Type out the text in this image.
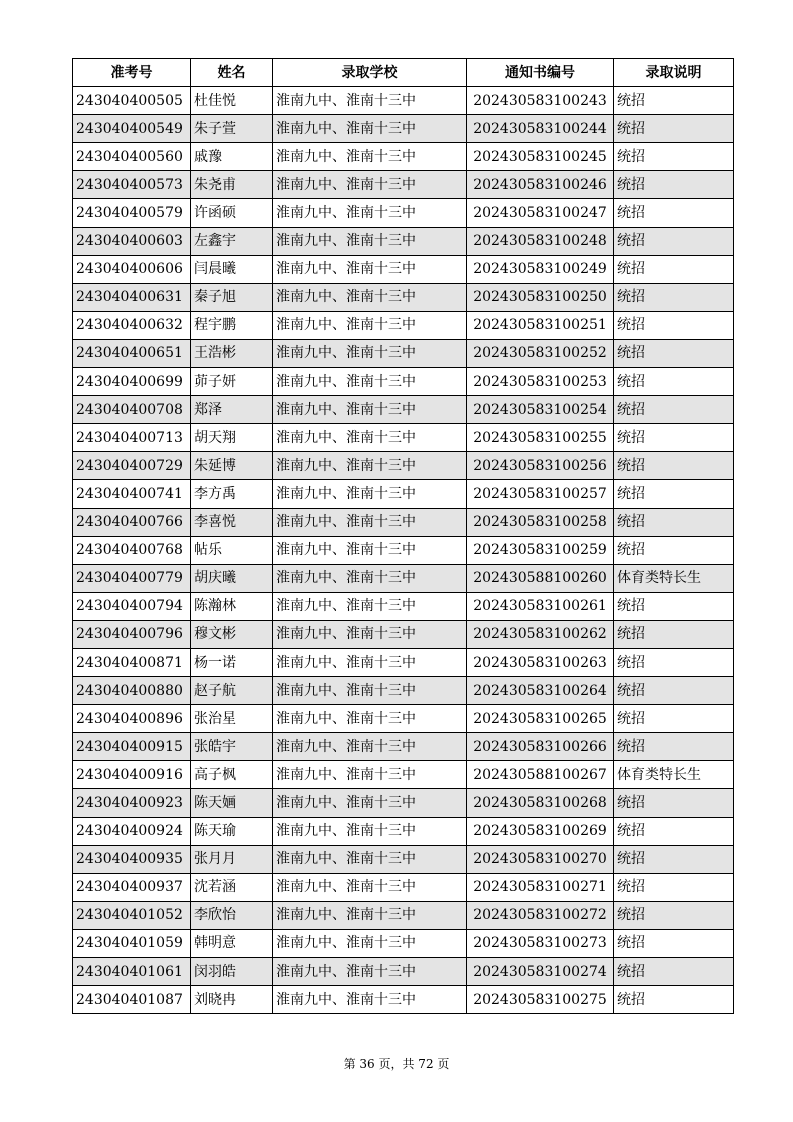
准考号	姓名	录取学校	通知书编号	录取说明
243040400505	杜佳悦	淮南九中、淮南十三中	202430583100243	统招
243040400549	朱子萱	淮南九中、淮南十三中	202430583100244	统招
243040400560	戚豫	淮南九中、淮南十三中	202430583100245	统招
243040400573	朱尧甫	淮南九中、淮南十三中	202430583100246	统招
243040400579	许函硕	淮南九中、淮南十三中	202430583100247	统招
243040400603	左鑫宇	淮南九中、淮南十三中	202430583100248	统招
243040400606	闫晨曦	淮南九中、淮南十三中	202430583100249	统招
243040400631	秦子旭	淮南九中、淮南十三中	202430583100250	统招
243040400632	程宇鹏	淮南九中、淮南十三中	202430583100251	统招
243040400651	王浩彬	淮南九中、淮南十三中	202430583100252	统招
243040400699	茆子妍	淮南九中、淮南十三中	202430583100253	统招
243040400708	郑泽	淮南九中、淮南十三中	202430583100254	统招
243040400713	胡天翔	淮南九中、淮南十三中	202430583100255	统招
243040400729	朱延博	淮南九中、淮南十三中	202430583100256	统招
243040400741	李方禹	淮南九中、淮南十三中	202430583100257	统招
243040400766	李喜悦	淮南九中、淮南十三中	202430583100258	统招
243040400768	帖乐	淮南九中、淮南十三中	202430583100259	统招
243040400779	胡庆曦	淮南九中、淮南十三中	202430588100260	体育类特长生
243040400794	陈瀚林	淮南九中、淮南十三中	202430583100261	统招
243040400796	穆文彬	淮南九中、淮南十三中	202430583100262	统招
243040400871	杨一诺	淮南九中、淮南十三中	202430583100263	统招
243040400880	赵子航	淮南九中、淮南十三中	202430583100264	统招
243040400896	张治星	淮南九中、淮南十三中	202430583100265	统招
243040400915	张皓宇	淮南九中、淮南十三中	202430583100266	统招
243040400916	高子枫	淮南九中、淮南十三中	202430588100267	体育类特长生
243040400923	陈天婳	淮南九中、淮南十三中	202430583100268	统招
243040400924	陈天瑜	淮南九中、淮南十三中	202430583100269	统招
243040400935	张月月	淮南九中、淮南十三中	202430583100270	统招
243040400937	沈若涵	淮南九中、淮南十三中	202430583100271	统招
243040401052	李欣怡	淮南九中、淮南十三中	202430583100272	统招
243040401059	韩明意	淮南九中、淮南十三中	202430583100273	统招
243040401061	闵羽皓	淮南九中、淮南十三中	202430583100274	统招
243040401087	刘晓冉	淮南九中、淮南十三中	202430583100275	统招
第 36 页，共 72 页
